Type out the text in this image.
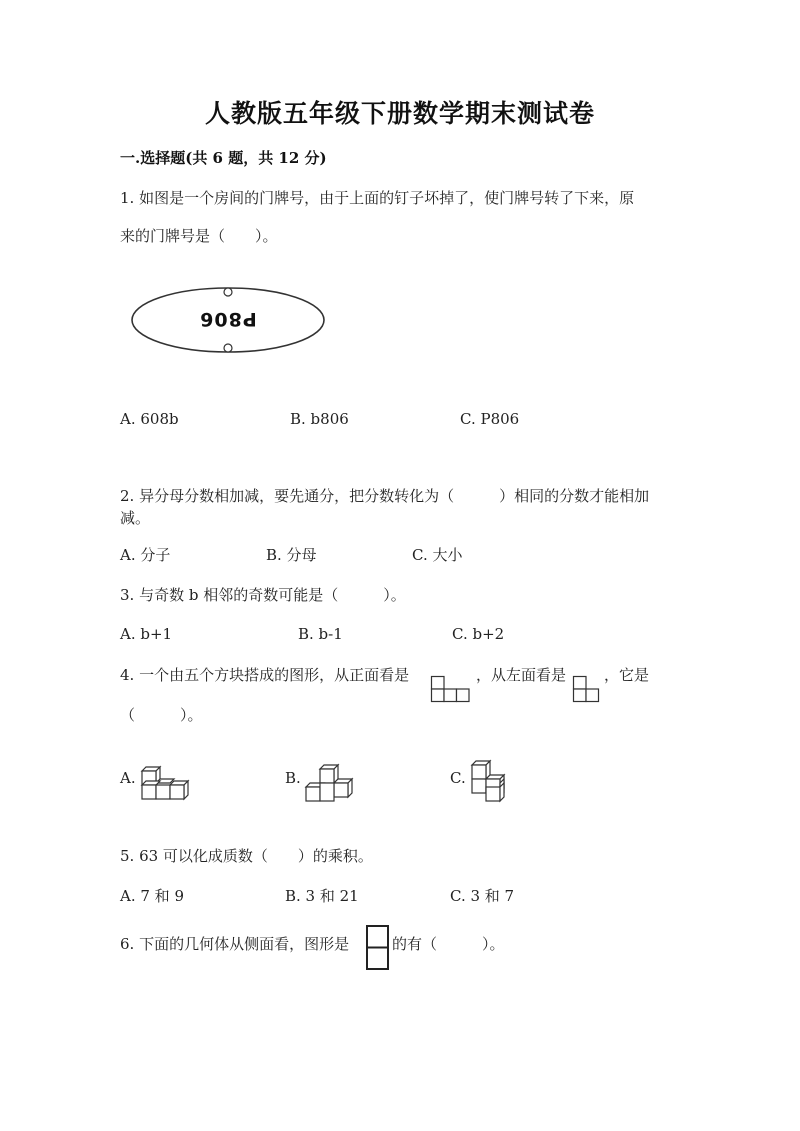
人教版五年级下册数学期末测试卷
一.选择题(共 6 题，共 12 分)
1. 如图是一个房间的门牌号，由于上面的钉子坏掉了，使门牌号转了下来，原
来的门牌号是（　　）。
P806
A. 608b	B. b806	C. P806
2. 异分母分数相加减，要先通分，把分数转化为（　　　）相同的分数才能相加
减。
A. 分子	B. 分母	C. 大小
3. 与奇数 b 相邻的奇数可能是（　　　）。
A. b+1	B. b-1	C. b+2
4. 一个由五个方块搭成的图形，从正面看是	，从左面看是	，它是
（　　　）。
A.	B.	C.
5. 63 可以化成质数（　　）的乘积。
A. 7 和 9	B. 3 和 21	C. 3 和 7
6. 下面的几何体从侧面看，图形是	的有（　　　）。
